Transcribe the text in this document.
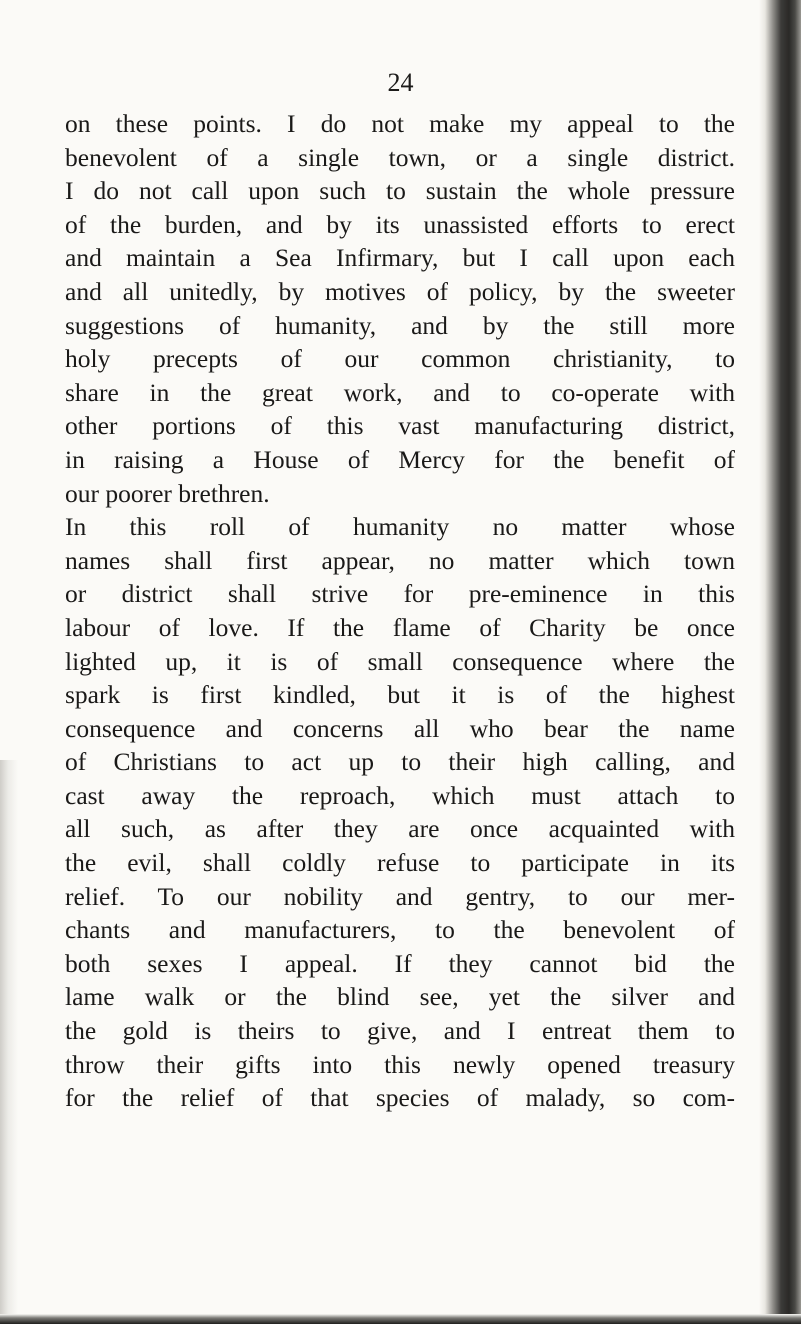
24
on these points. I do not make my appeal to the
benevolent of a single town, or a single district.
I do not call upon such to sustain the whole pressure
of the burden, and by its unassisted efforts to erect
and maintain a Sea Infirmary, but I call upon each
and all unitedly, by motives of policy, by the sweeter
suggestions of humanity, and by the still more
holy precepts of our common christianity, to
share in the great work, and to co-operate with
other portions of this vast manufacturing district,
in raising a House of Mercy for the benefit of
our poorer brethren.
In this roll of humanity no matter whose
names shall first appear, no matter which town
or district shall strive for pre-eminence in this
labour of love. If the flame of Charity be once
lighted up, it is of small consequence where the
spark is first kindled, but it is of the highest
consequence and concerns all who bear the name
of Christians to act up to their high calling, and
cast away the reproach, which must attach to
all such, as after they are once acquainted with
the evil, shall coldly refuse to participate in its
relief. To our nobility and gentry, to our mer-
chants and manufacturers, to the benevolent of
both sexes I appeal. If they cannot bid the
lame walk or the blind see, yet the silver and
the gold is theirs to give, and I entreat them to
throw their gifts into this newly opened treasury
for the relief of that species of malady, so com-
